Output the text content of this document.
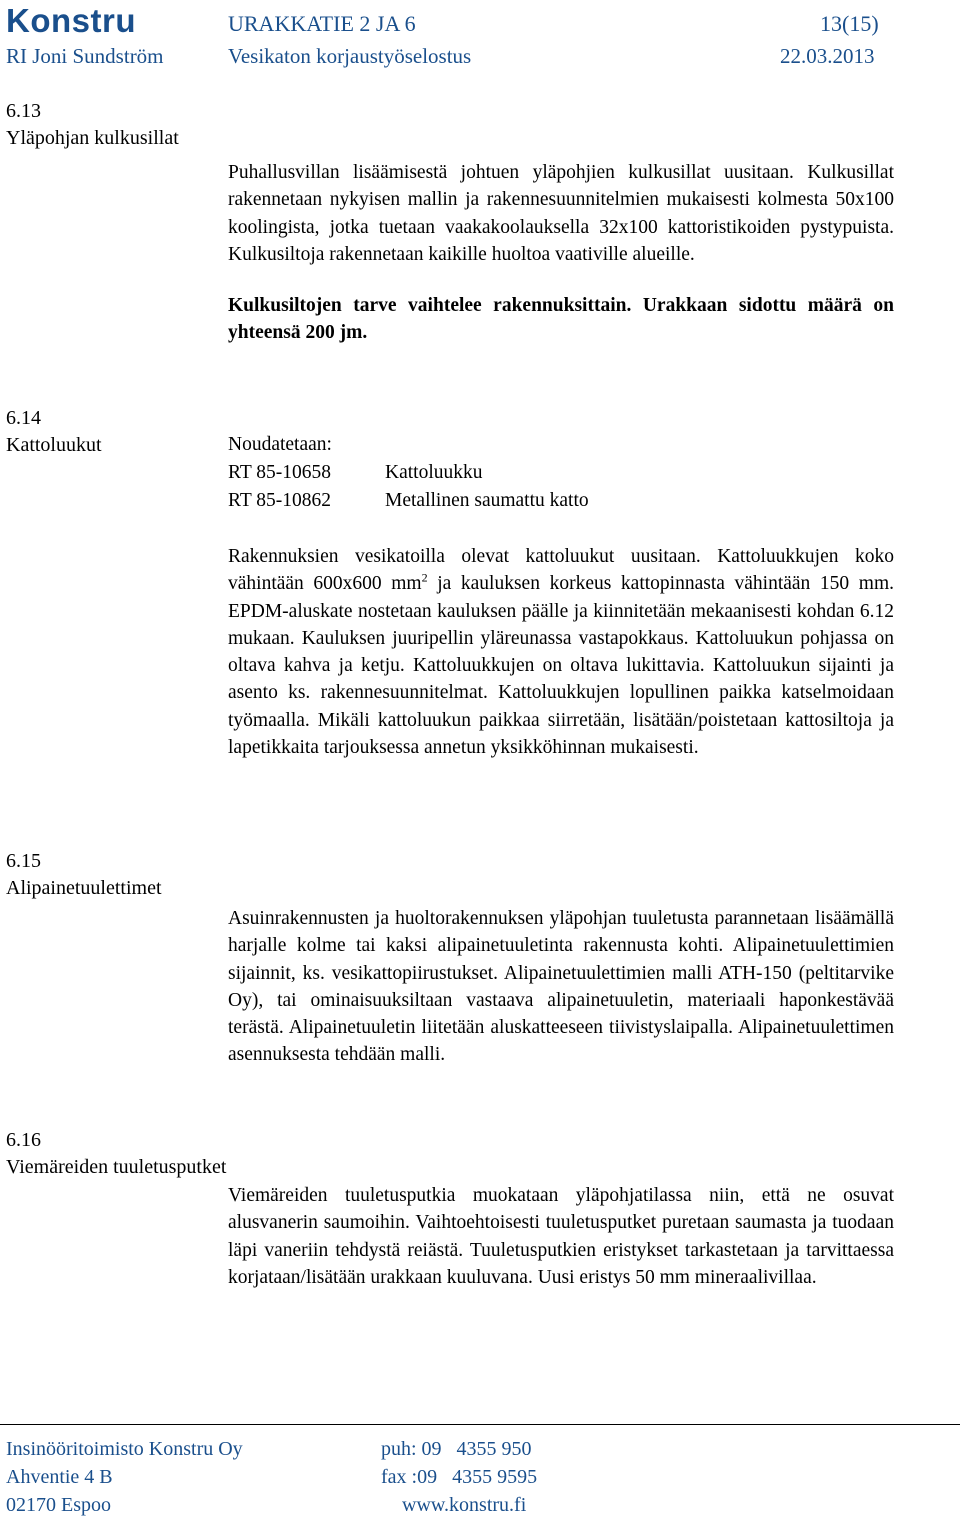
Konstru	URAKKATIE 2 JA 6	13(15)
RI Joni Sundström	Vesikaton korjaustyöselostus	22.03.2013
6.13
Yläpohjan kulkusillat

Puhallusvillan lisäämisestä johtuen yläpohjien kulkusillat uusitaan. Kulkusillat rakennetaan nykyisen mallin ja rakennesuunnitelmien mukaisesti kolmesta 50x100 koolingista, jotka tuetaan vaakakoolauksella 32x100 kattoristikoiden pystypuista. Kulkusiltoja rakennetaan kaikille huoltoa vaativille alueille.

Kulkusiltojen tarve vaihtelee rakennuksittain. Urakkaan sidottu määrä on yhteensä 200 jm.

6.14
Kattoluukut	Noudatetaan:
RT 85-10658	Kattoluukku
RT 85-10862	Metallinen saumattu katto

Rakennuksien vesikatoilla olevat kattoluukut uusitaan. Kattoluukkujen koko vähintään 600x600 $mm^2$ ja kauluksen korkeus kattopinnasta vähintään 150 mm. EPDM-aluskate nostetaan kauluksen päälle ja kiinnitetään mekaanisesti kohdan 6.12 mukaan. Kauluksen juuripellin yläreunassa vastapokkaus. Kattoluukun pohjassa on oltava kahva ja ketju. Kattoluukkujen on oltava lukittavia. Kattoluukun sijainti ja asento ks. rakennesuunnitelmat. Kattoluukkujen lopullinen paikka katselmoidaan työmaalla. Mikäli kattoluukun paikkaa siirretään, lisätään/poistetaan kattosiltoja ja lapetikkaita tarjouksessa annetun yksikköhinnan mukaisesti.

6.15
Alipainetuulettimet

Asuinrakennusten ja huoltorakennuksen yläpohjan tuuletusta parannetaan lisäämällä harjalle kolme tai kaksi alipainetuuletinta rakennusta kohti. Alipainetuulettimien sijainnit, ks. vesikattopiirustukset. Alipainetuulettimien malli ATH-150 (peltitarvike Oy), tai ominaisuuksiltaan vastaava alipainetuuletin, materiaali haponkestävää terästä. Alipainetuuletin liitetään aluskatteeseen tiivistyslaipalla. Alipainetuulettimen asennuksesta tehdään malli.

6.16
Viemäreiden tuuletusputket

Viemäreiden tuuletusputkia muokataan yläpohjatilassa niin, että ne osuvat alusvanerin saumoihin. Vaihtoehtoisesti tuuletusputket puretaan saumasta ja tuodaan läpi vaneriin tehdystä reiästä. Tuuletusputkien eristykset tarkastetaan ja tarvittaessa korjataan/lisätään urakkaan kuuluvana. Uusi eristys 50 mm mineraalivillaa.

Insinööritoimisto Konstru Oy
Ahventie 4 B
02170 Espoo
puh: 09   4355 950
fax :09   4355 9595
www.konstru.fi
